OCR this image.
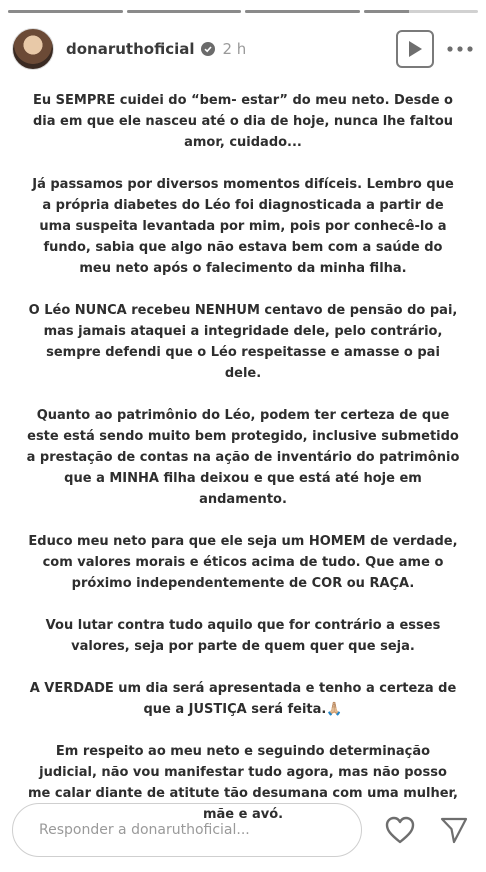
donaruthoficial 2 h

Eu SEMPRE cuidei do “bem- estar” do meu neto. Desde o dia em que ele nasceu até o dia de hoje, nunca lhe faltou amor, cuidado...

Já passamos por diversos momentos difíceis. Lembro que a própria diabetes do Léo foi diagnosticada a partir de uma suspeita levantada por mim, pois por conhecê-lo a fundo, sabia que algo não estava bem com a saúde do meu neto após o falecimento da minha filha.

O Léo NUNCA recebeu NENHUM centavo de pensão do pai, mas jamais ataquei a integridade dele, pelo contrário, sempre defendi que o Léo respeitasse e amasse o pai dele.

Quanto ao patrimônio do Léo, podem ter certeza de que este está sendo muito bem protegido, inclusive submetido a prestação de contas na ação de inventário do patrimônio que a MINHA filha deixou e que está até hoje em andamento.

Educo meu neto para que ele seja um HOMEM de verdade, com valores morais e éticos acima de tudo. Que ame o próximo independentemente de COR ou RAÇA.

Vou lutar contra tudo aquilo que for contrário a esses valores, seja por parte de quem quer que seja.

A VERDADE um dia será apresentada e tenho a certeza de que a JUSTIÇA será feita.🙏🏼

Em respeito ao meu neto e seguindo determinação judicial, não vou manifestar tudo agora, mas não posso me calar diante de atitute tão desumana com uma mulher, mãe e avó.

Responder a donaruthoficial...
